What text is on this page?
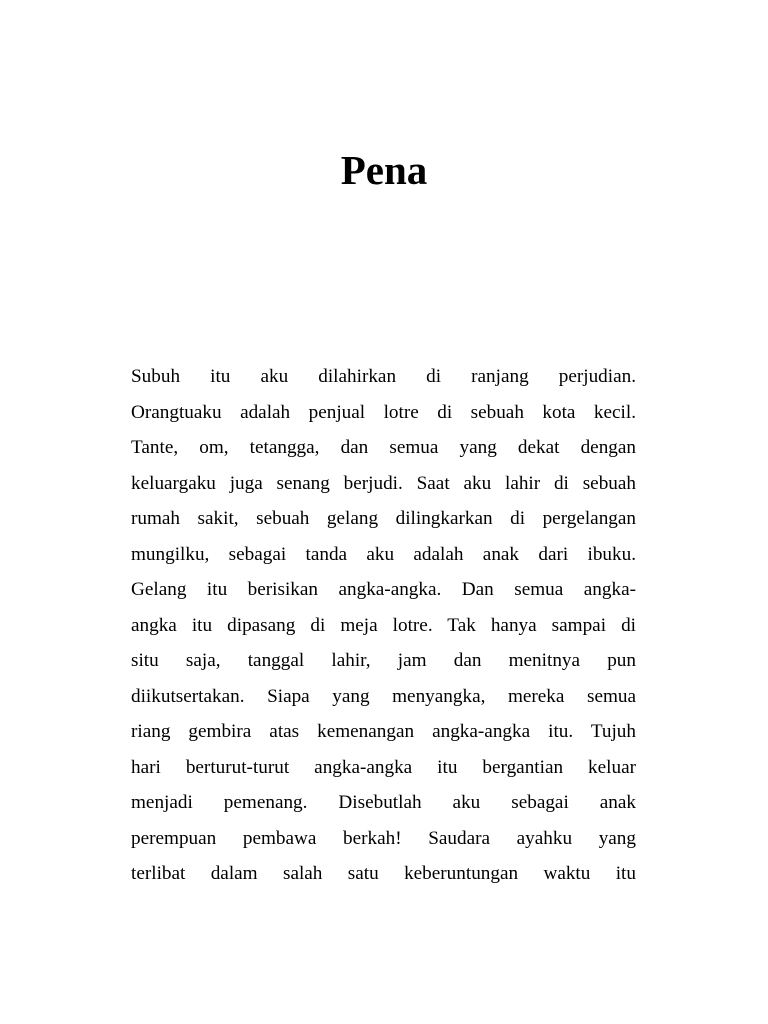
Pena
Subuh itu aku dilahirkan di ranjang perjudian.
Orangtuaku adalah penjual lotre di sebuah kota kecil.
Tante, om, tetangga, dan semua yang dekat dengan
keluargaku juga senang berjudi. Saat aku lahir di sebuah
rumah sakit, sebuah gelang dilingkarkan di pergelangan
mungilku, sebagai tanda aku adalah anak dari ibuku.
Gelang itu berisikan angka-angka. Dan semua angka-
angka itu dipasang di meja lotre. Tak hanya sampai di
situ saja, tanggal lahir, jam dan menitnya pun
diikutsertakan. Siapa yang menyangka, mereka semua
riang gembira atas kemenangan angka-angka itu. Tujuh
hari berturut-turut angka-angka itu bergantian keluar
menjadi pemenang. Disebutlah aku sebagai anak
perempuan pembawa berkah! Saudara ayahku yang
terlibat dalam salah satu keberuntungan waktu itu
